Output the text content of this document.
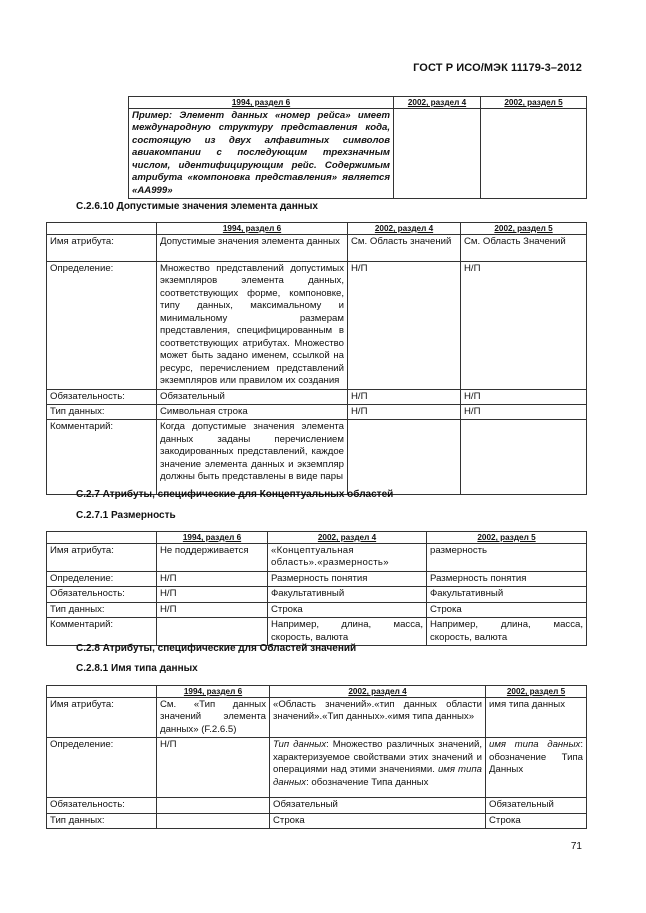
ГОСТ Р ИСО/МЭК 11179-3–2012
1994, раздел 6	2002, раздел 4	2002, раздел 5
Пример: Элемент данных «номер рейса» имеет международную структуру представления кода, состоящую из двух алфавитных символов авиакомпании с последующим трехзначным числом, идентифицирующим рейс. Содержимым атрибута «компоновка представления» является «АА999»		
С.2.6.10 Допустимые значения элемента данных
	1994, раздел 6	2002, раздел 4	2002, раздел 5
Имя атрибута:	Допустимые значения элемента данных	См. Область значений	См. Область Значений
Определение:	Множество представлений допустимых экземпляров элемента данных, соответствующих форме, компоновке, типу данных, максимальному и минимальному размерам представления, специфицированным в соответствующих атрибутах. Множество может быть задано именем, ссылкой на ресурс, перечислением представлений экземпляров или правилом их создания	Н/П	Н/П
Обязательность:	Обязательный	Н/П	Н/П
Тип данных:	Символьная строка	Н/П	Н/П
Комментарий:	Когда допустимые значения элемента данных заданы перечислением закодированных представлений, каждое значение элемента данных и экземпляр должны быть представлены в виде пары		
С.2.7 Атрибуты, специфические для Концептуальных областей
С.2.7.1 Размерность
	1994, раздел 6	2002, раздел 4	2002, раздел 5
Имя атрибута:	Не поддерживается	«Концептуальная область».«размерность»	размерность
Определение:	Н/П	Размерность понятия	Размерность понятия
Обязательность:	Н/П	Факультативный	Факультативный
Тип данных:	Н/П	Строка	Строка
Комментарий:		Например, длина, масса, скорость, валюта	Например, длина, масса, скорость, валюта
С.2.8 Атрибуты, специфические для Областей значений
С.2.8.1 Имя типа данных
	1994, раздел 6	2002, раздел 4	2002, раздел 5
Имя атрибута:	См. «Тип данных значений элемента данных» (F.2.6.5)	«Область значений».«тип данных области значений».«Тип данных».«имя типа данных»	имя типа данных
Определение:	Н/П	Тип данных: Множество различных значений, характеризуемое свойствами этих значений и операциями над этими значениями. имя типа данных: обозначение Типа данных	имя типа данных: обозначение Типа Данных
Обязательность:		Обязательный	Обязательный
Тип данных:		Строка	Строка
71
